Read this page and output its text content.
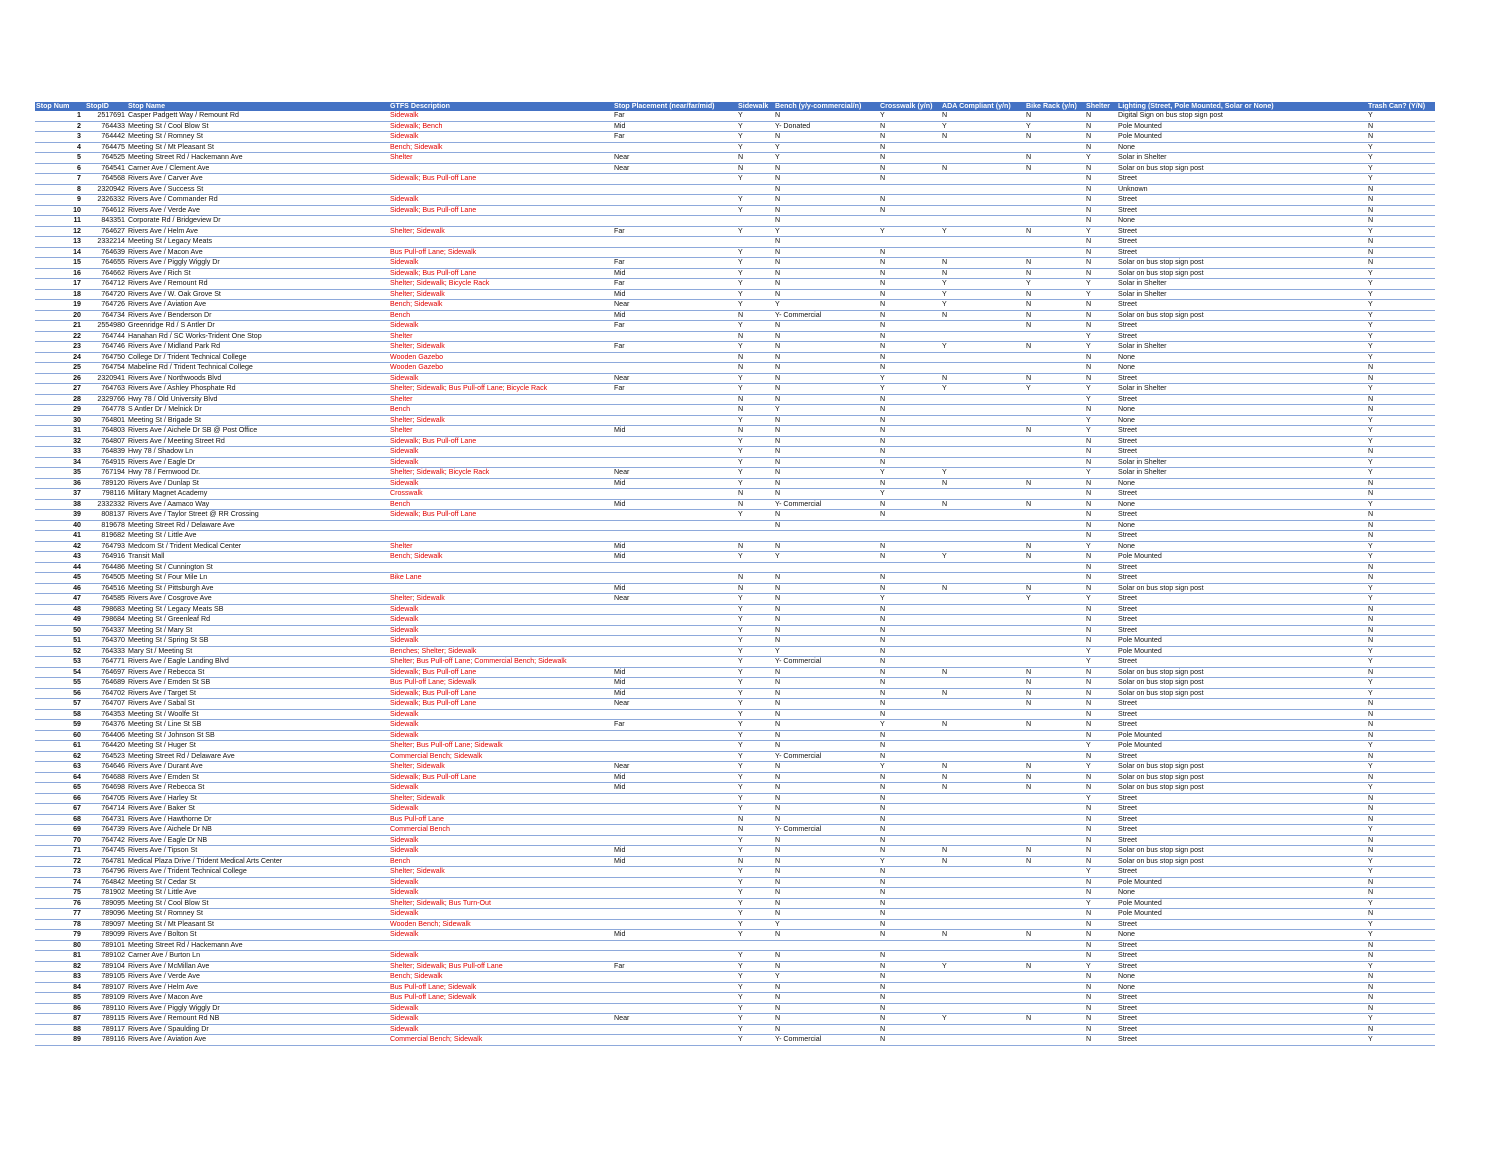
Stop Num	StopID	Stop Name	GTFS Description	Stop Placement (near/far/mid)	Sidewalk	Bench (y/y-commercial/n)	Crosswalk (y/n)	ADA Compliant (y/n)	Bike Rack (y/n)	Shelter	Lighting (Street, Pole Mounted, Solar or None)	Trash Can? (Y/N)
1	2517691	Casper Padgett Way / Remount Rd	Sidewalk	Far	Y	N	Y	N	N	N	Digital Sign on bus stop sign post	Y
2	764433	Meeting St / Cool Blow St	Sidewalk; Bench	Mid	Y	Y- Donated	N	Y	Y	N	Pole Mounted	N
3	764442	Meeting St / Romney St	Sidewalk	Far	Y	N	N	N	N	N	Pole Mounted	N
4	764475	Meeting St / Mt Pleasant St	Bench; Sidewalk		Y	Y	N			N	None	Y
5	764525	Meeting Street Rd / Hackemann Ave	Shelter	Near	N	Y	N		N	Y	Solar in Shelter	Y
6	764541	Carner Ave / Clement Ave		Near	N	N	N	N	N	N	Solar on bus stop sign post	Y
7	764568	Rivers Ave / Carver Ave	Sidewalk; Bus Pull-off Lane		Y	N	N			N	Street	Y
8	2320942	Rivers Ave / Success St				N				N	Unknown	N
9	2326332	Rivers Ave / Commander Rd	Sidewalk		Y	N	N			N	Street	N
10	764612	Rivers Ave / Verde Ave	Sidewalk; Bus Pull-off Lane		Y	N	N			N	Street	N
11	843351	Corporate Rd / Bridgeview Dr				N				N	None	N
12	764627	Rivers Ave / Helm Ave	Shelter; Sidewalk	Far	Y	Y	Y	Y	N	Y	Street	Y
13	2332214	Meeting St / Legacy Meats				N				N	Street	N
14	764639	Rivers Ave / Macon Ave	Bus Pull-off Lane; Sidewalk		Y	N	N			N	Street	N
15	764655	Rivers Ave / Piggly Wiggly Dr	Sidewalk	Far	Y	N	N	N	N	N	Solar on bus stop sign post	N
16	764662	Rivers Ave / Rich St	Sidewalk; Bus Pull-off Lane	Mid	Y	N	N	N	N	N	Solar on bus stop sign post	Y
17	764712	Rivers Ave / Remount Rd	Shelter; Sidewalk; Bicycle Rack	Far	Y	N	N	Y	Y	Y	Solar in Shelter	Y
18	764720	Rivers Ave / W. Oak Grove St	Shelter; Sidewalk	Mid	Y	N	N	Y	N	Y	Solar in Shelter	Y
19	764726	Rivers Ave / Aviation Ave	Bench; Sidewalk	Near	Y	Y	N	Y	N	N	Street	Y
20	764734	Rivers Ave / Benderson Dr	Bench	Mid	N	Y- Commercial	N	N	N	N	Solar on bus stop sign post	Y
21	2554980	Greenridge Rd / S Antler Dr	Sidewalk	Far	Y	N	N		N	N	Street	Y
22	764744	Hanahan Rd / SC Works-Trident One Stop	Shelter		N	N	N			Y	Street	Y
23	764746	Rivers Ave / Midland Park Rd	Shelter; Sidewalk	Far	Y	N	N	Y	N	Y	Solar in Shelter	Y
24	764750	College Dr / Trident Technical College	Wooden Gazebo		N	N	N			N	None	Y
25	764754	Mabeline Rd / Trident Technical College	Wooden Gazebo		N	N	N			N	None	N
26	2320941	Rivers Ave / Northwoods Blvd	Sidewalk	Near	Y	N	Y	N	N	N	Street	N
27	764763	Rivers Ave / Ashley Phosphate Rd	Shelter; Sidewalk; Bus Pull-off Lane; Bicycle Rack	Far	Y	N	Y	Y	Y	Y	Solar in Shelter	Y
28	2329766	Hwy 78 / Old University Blvd	Shelter		N	N	N			Y	Street	N
29	764778	S Antler Dr / Melnick Dr	Bench		N	Y	N			N	None	N
30	764801	Meeting St / Brigade St	Shelter; Sidewalk		Y	N	N			Y	None	Y
31	764803	Rivers Ave / Aichele Dr SB @ Post Office	Shelter	Mid	N	N	N		N	Y	Street	Y
32	764807	Rivers Ave / Meeting Street Rd	Sidewalk; Bus Pull-off Lane		Y	N	N			N	Street	Y
33	764839	Hwy 78 / Shadow Ln	Sidewalk		Y	N	N			N	Street	N
34	764915	Rivers Ave / Eagle Dr	Sidewalk		Y	N	N			N	Solar in Shelter	Y
35	767194	Hwy 78 / Fernwood Dr.	Shelter; Sidewalk; Bicycle Rack	Near	Y	N	Y	Y		Y	Solar in Shelter	Y
36	789120	Rivers Ave / Dunlap St	Sidewalk	Mid	Y	N	N	N	N	N	None	N
37	798116	Military Magnet Academy	Crosswalk		N	N	Y			N	Street	N
38	2332332	Rivers Ave / Aamaco Way	Bench	Mid	N	Y- Commercial	N	N	N	N	None	Y
39	808137	Rivers Ave / Taylor Street @ RR Crossing	Sidewalk; Bus Pull-off Lane		Y	N	N			N	Street	N
40	819678	Meeting Street Rd / Delaware Ave				N				N	None	N
41	819682	Meeting St / Little Ave								N	Street	N
42	764793	Medcom St / Trident Medical Center	Shelter	Mid	N	N	N		N	Y	None	Y
43	764916	Transit Mall	Bench; Sidewalk	Mid	Y	Y	N	Y	N	N	Pole Mounted	Y
44	764486	Meeting St / Cunnington St								N	Street	N
45	764505	Meeting St / Four Mile Ln	Bike Lane		N	N	N			N	Street	N
46	764516	Meeting St / Pittsburgh Ave		Mid	N	N	N	N	N	N	Solar on bus stop sign post	Y
47	764585	Rivers Ave / Cosgrove Ave	Shelter; Sidewalk	Near	Y	N	Y		Y	Y	Street	Y
48	798683	Meeting St / Legacy Meats SB	Sidewalk		Y	N	N			N	Street	N
49	798684	Meeting St / Greenleaf Rd	Sidewalk		Y	N	N			N	Street	N
50	764337	Meeting St / Mary St	Sidewalk		Y	N	N			N	Street	N
51	764370	Meeting St / Spring St SB	Sidewalk		Y	N	N			N	Pole Mounted	N
52	764333	Mary St / Meeting St	Benches; Shelter; Sidewalk		Y	Y	N			Y	Pole Mounted	Y
53	764771	Rivers Ave / Eagle Landing Blvd	Shelter; Bus Pull-off Lane; Commercial Bench; Sidewalk		Y	Y- Commercial	N			Y	Street	Y
54	764697	Rivers Ave / Rebecca St	Sidewalk; Bus Pull-off Lane	Mid	Y	N	N	N	N	N	Solar on bus stop sign post	N
55	764689	Rivers Ave / Emden St SB	Bus Pull-off Lane; Sidewalk	Mid	Y	N	N		N	N	Solar on bus stop sign post	Y
56	764702	Rivers Ave / Target St	Sidewalk; Bus Pull-off Lane	Mid	Y	N	N	N	N	N	Solar on bus stop sign post	Y
57	764707	Rivers Ave / Sabal St	Sidewalk; Bus Pull-off Lane	Near	Y	N	N		N	N	Street	N
58	764353	Meeting St / Woolfe St	Sidewalk		Y	N	N			N	Street	N
59	764376	Meeting St / Line St SB	Sidewalk	Far	Y	N	Y	N	N	N	Street	N
60	764406	Meeting St / Johnson St SB	Sidewalk		Y	N	N			N	Pole Mounted	N
61	764420	Meeting St / Huger St	Shelter; Bus Pull-off Lane; Sidewalk		Y	N	N			Y	Pole Mounted	Y
62	764523	Meeting Street Rd / Delaware Ave	Commercial Bench; Sidewalk		Y	Y- Commercial	N			N	Street	N
63	764646	Rivers Ave / Durant Ave	Shelter; Sidewalk	Near	Y	N	Y	N	N	Y	Solar on bus stop sign post	Y
64	764688	Rivers Ave / Emden St	Sidewalk; Bus Pull-off Lane	Mid	Y	N	N	N	N	N	Solar on bus stop sign post	N
65	764698	Rivers Ave / Rebecca St	Sidewalk	Mid	Y	N	N	N	N	N	Solar on bus stop sign post	Y
66	764705	Rivers Ave / Harley St	Shelter; Sidewalk		Y	N	N			Y	Street	N
67	764714	Rivers Ave / Baker St	Sidewalk		Y	N	N			N	Street	N
68	764731	Rivers Ave / Hawthorne Dr	Bus Pull-off Lane		N	N	N			N	Street	N
69	764739	Rivers Ave / Aichele Dr NB	Commercial Bench		N	Y- Commercial	N			N	Street	Y
70	764742	Rivers Ave / Eagle Dr NB	Sidewalk		Y	N	N			N	Street	N
71	764745	Rivers Ave / Tipson St	Sidewalk	Mid	Y	N	N	N	N	N	Solar on bus stop sign post	N
72	764781	Medical Plaza Drive / Trident Medical Arts Center	Bench	Mid	N	N	Y	N	N	N	Solar on bus stop sign post	Y
73	764796	Rivers Ave / Trident Technical College	Shelter; Sidewalk		Y	N	N			Y	Street	Y
74	764842	Meeting St / Cedar St	Sidewalk		Y	N	N			N	Pole Mounted	N
75	781902	Meeting St / Little Ave	Sidewalk		Y	N	N			N	None	N
76	789095	Meeting St / Cool Blow St	Shelter; Sidewalk; Bus Turn-Out		Y	N	N			Y	Pole Mounted	Y
77	789096	Meeting St / Romney St	Sidewalk		Y	N	N			N	Pole Mounted	N
78	789097	Meeting St / Mt Pleasant St	Wooden Bench; Sidewalk		Y	Y	N			N	Street	Y
79	789099	Rivers Ave / Bolton St	Sidewalk	Mid	Y	N	N	N	N	N	None	Y
80	789101	Meeting Street Rd / Hackemann Ave								N	Street	N
81	789102	Carner Ave / Burton Ln	Sidewalk		Y	N	N			N	Street	N
82	789104	Rivers Ave / McMillan Ave	Shelter; Sidewalk; Bus Pull-off Lane	Far	Y	N	N	Y	N	Y	Street	Y
83	789105	Rivers Ave / Verde Ave	Bench; Sidewalk		Y	Y	N			N	None	N
84	789107	Rivers Ave / Helm Ave	Bus Pull-off Lane; Sidewalk		Y	N	N			N	None	N
85	789109	Rivers Ave / Macon Ave	Bus Pull-off Lane; Sidewalk		Y	N	N			N	Street	N
86	789110	Rivers Ave / Piggly Wiggly Dr	Sidewalk		Y	N	N			N	Street	N
87	789115	Rivers Ave / Remount Rd NB	Sidewalk	Near	Y	N	N	Y	N	N	Street	Y
88	789117	Rivers Ave / Spaulding Dr	Sidewalk		Y	N	N			N	Street	N
89	789116	Rivers Ave / Aviation Ave	Commercial Bench; Sidewalk		Y	Y- Commercial	N			N	Street	Y
